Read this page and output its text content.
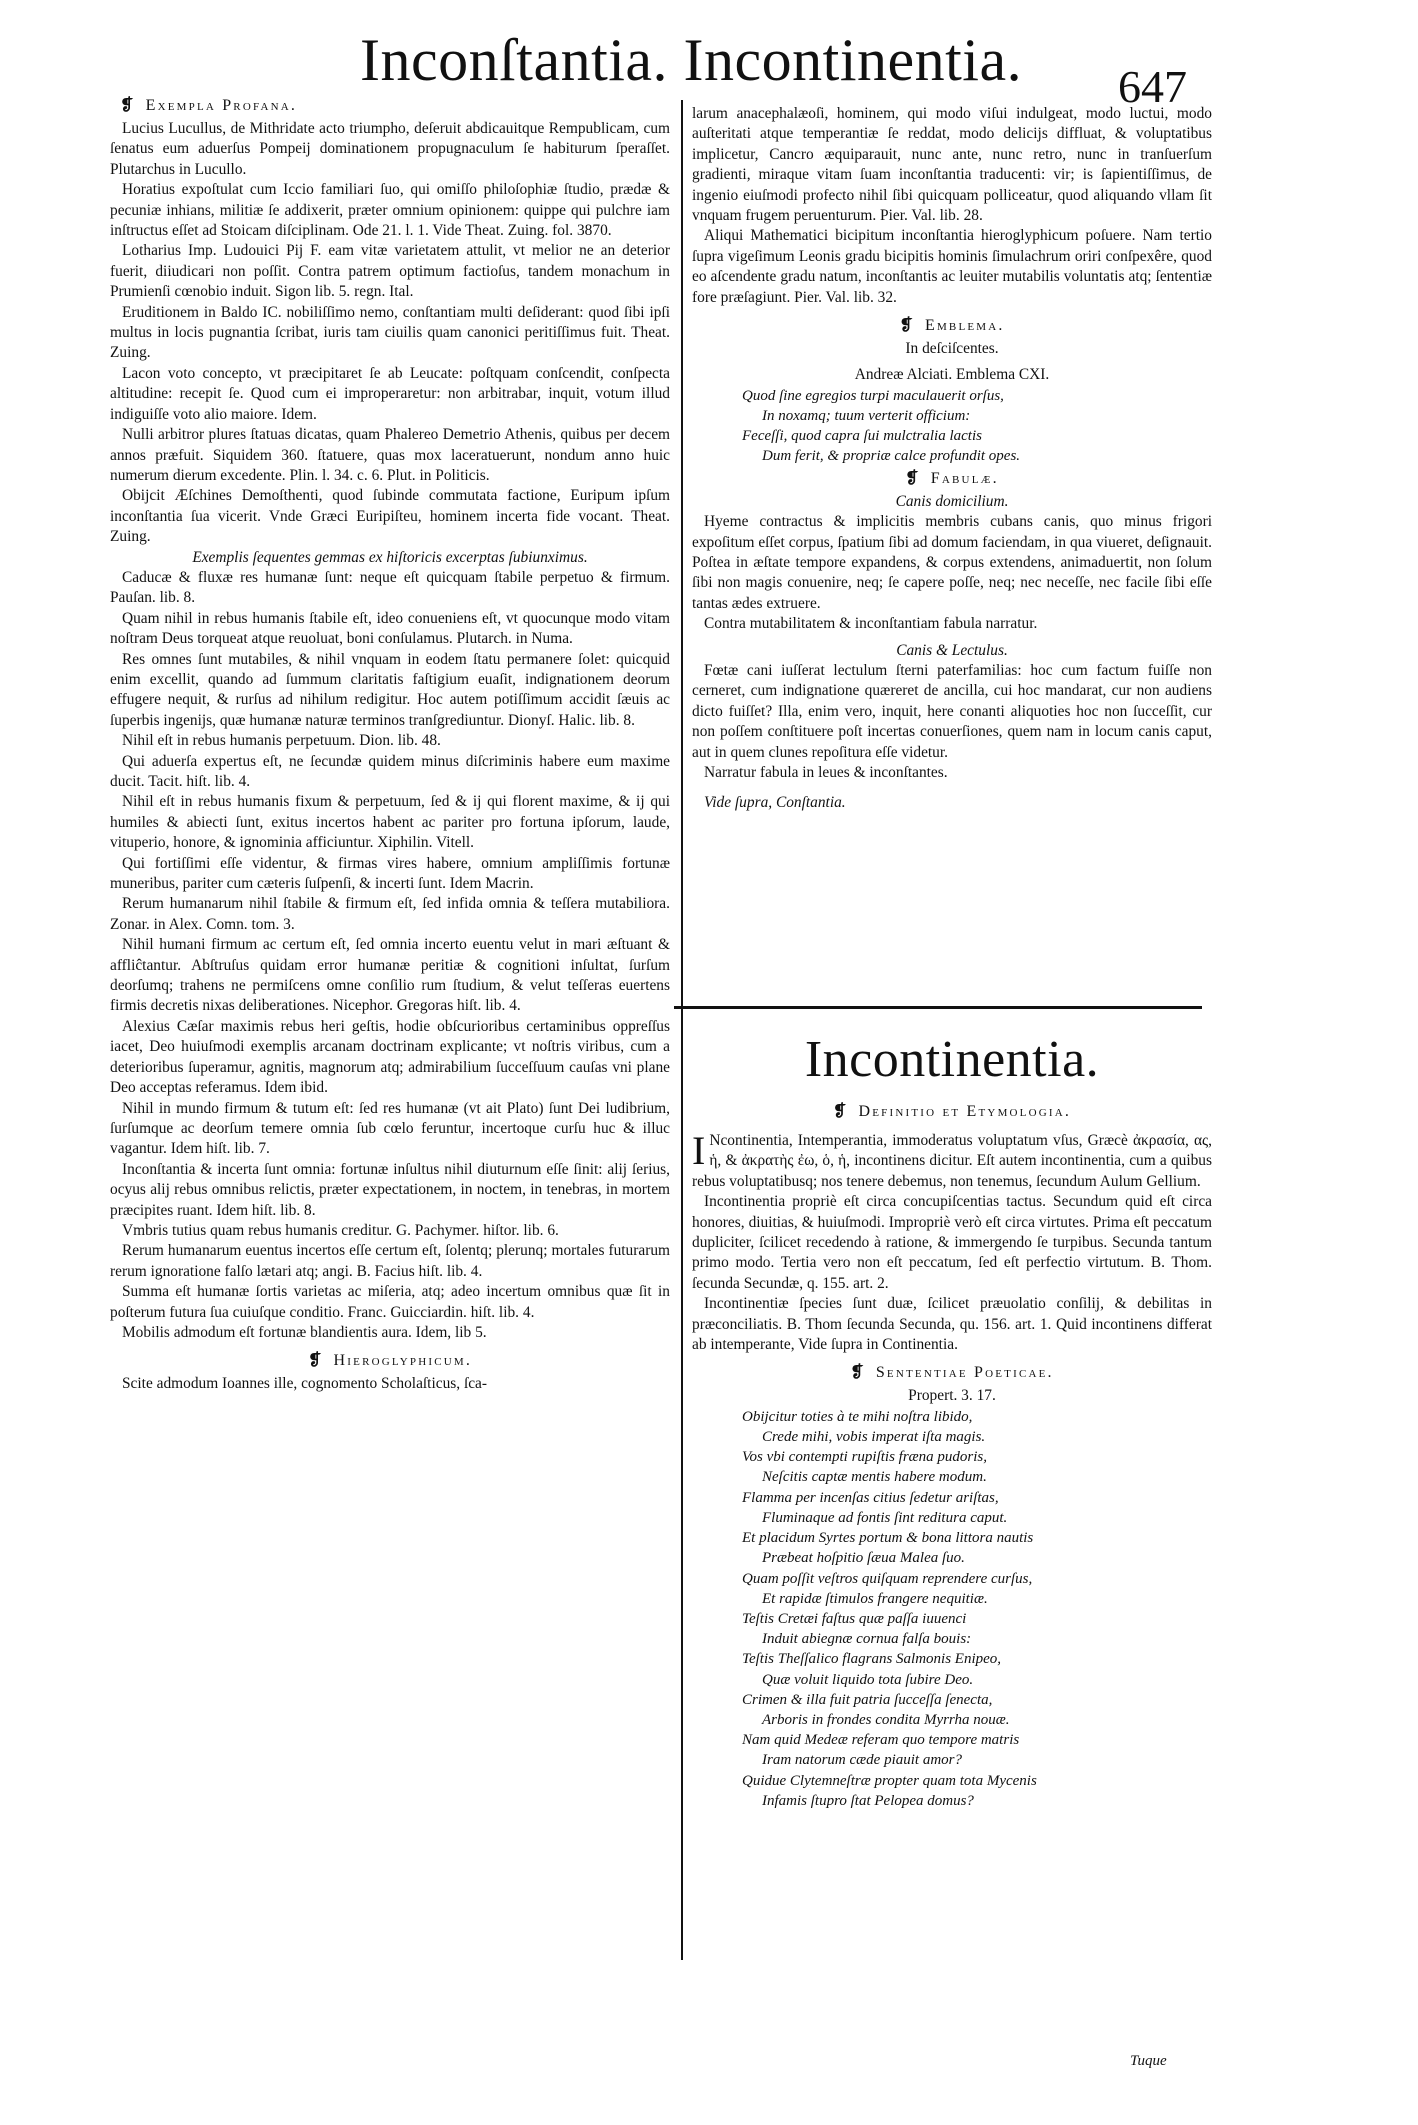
Inconſtantia. Incontinentia.	647
❡ Exempla Profana.

Lucius Lucullus, de Mithridate acto triumpho, deſeruit abdicauitque Rempublicam, cum ſenatus eum aduerſus Pompeij dominationem propugnaculum ſe habiturum ſperaſſet. Plutarchus in Lucullo.

Horatius expoſtulat cum Iccio familiari ſuo, qui omiſſo philoſophiæ ſtudio, prædæ & pecuniæ inhians, militiæ ſe addixerit, præter omnium opinionem: quippe qui pulchre iam inſtructus eſſet ad Stoicam diſciplinam. Ode 21. l. 1. Vide Theat. Zuing. fol. 3870.

Lotharius Imp. Ludouici Pij F. eam vitæ varietatem attulit, vt melior ne an deterior fuerit, diiudicari non poſſit. Contra patrem optimum factioſus, tandem monachum in Prumienſi cœnobio induit. Sigon lib. 5. regn. Ital.

Eruditionem in Baldo IC. nobiliſſimo nemo, conſtantiam multi deſiderant: quod ſibi ipſi multus in locis pugnantia ſcribat, iuris tam ciuilis quam canonici peritiſſimus fuit. Theat. Zuing.

Lacon voto concepto, vt præcipitaret ſe ab Leucate: poſtquam conſcendit, conſpecta altitudine: recepit ſe. Quod cum ei improperaretur: non arbitrabar, inquit, votum illud indiguiſſe voto alio maiore. Idem.

Nulli arbitror plures ſtatuas dicatas, quam Phalereo Demetrio Athenis, quibus per decem annos præfuit. Siquidem 360. ſtatuere, quas mox laceratuerunt, nondum anno huic numerum dierum excedente. Plin. l. 34. c. 6. Plut. in Politicis.

Obijcit Æſchines Demoſthenti, quod ſubinde commutata factione, Euripum ipſum inconſtantia ſua vicerit. Vnde Græci Euripiſteu, hominem incerta fide vocant. Theat. Zuing.

Exemplis ſequentes gemmas ex hiſtoricis excerptas ſubiunximus.

Caducæ & fluxæ res humanæ ſunt: neque eſt quicquam ſtabile perpetuo & firmum. Pauſan. lib. 8.

Quam nihil in rebus humanis ſtabile eſt, ideo conueniens eſt, vt quocunque modo vitam noſtram Deus torqueat atque reuoluat, boni conſulamus. Plutarch. in Numa.

Res omnes ſunt mutabiles, & nihil vnquam in eodem ſtatu permanere ſolet: quicquid enim excellit, quando ad ſummum claritatis faſtigium euaſit, indignationem deorum effugere nequit, & rurſus ad nihilum redigitur. Hoc autem potiſſimum accidit ſæuis ac ſuperbis ingenijs, quæ humanæ naturæ terminos tranſgrediuntur. Dionyſ. Halic. lib. 8.

Nihil eſt in rebus humanis perpetuum. Dion. lib. 48.

Qui aduerſa expertus eſt, ne ſecundæ quidem minus diſcriminis habere eum maxime ducit. Tacit. hiſt. lib. 4.

Nihil eſt in rebus humanis fixum & perpetuum, ſed & ij qui florent maxime, & ij qui humiles & abiecti ſunt, exitus incertos habent ac pariter pro fortuna ipſorum, laude, vituperio, honore, & ignominia afficiuntur. Xiphilin. Vitell.

Qui fortiſſimi eſſe videntur, & firmas vires habere, omnium ampliſſimis fortunæ muneribus, pariter cum cæteris ſuſpenſi, & incerti ſunt. Idem Macrin.

Rerum humanarum nihil ſtabile & firmum eſt, ſed infida omnia & teſſera mutabiliora. Zonar. in Alex. Comn. tom. 3.

Nihil humani firmum ac certum eſt, ſed omnia incerto euentu velut in mari æſtuant & affliĉtantur. Abſtruſus quidam error humanæ peritiæ & cognitioni inſultat, ſurſum deorſumq; trahens ne permiſcens omne conſilio rum ſtudium, & velut teſſeras euertens firmis decretis nixas deliberationes. Nicephor. Gregoras hiſt. lib. 4.

Alexius Cæſar maximis rebus heri geſtis, hodie obſcurioribus certaminibus oppreſſus iacet, Deo huiuſmodi exemplis arcanam doctrinam explicante; vt noſtris viribus, cum a deterioribus ſuperamur, agnitis, magnorum atq; admirabilium ſucceſſuum cauſas vni plane Deo acceptas referamus. Idem ibid.

Nihil in mundo firmum & tutum eſt: ſed res humanæ (vt ait Plato) ſunt Dei ludibrium, ſurſumque ac deorſum temere omnia ſub cœlo feruntur, incertoque curſu huc & illuc vagantur. Idem hiſt. lib. 7.

Inconſtantia & incerta ſunt omnia: fortunæ inſultus nihil diuturnum eſſe ſinit: alij ſerius, ocyus alij rebus omnibus relictis, præter expectationem, in noctem, in tenebras, in mortem præcipites ruant. Idem hiſt. lib. 8.

Vmbris tutius quam rebus humanis creditur. G. Pachymer. hiſtor. lib. 6.

Rerum humanarum euentus incertos eſſe certum eſt, ſolentq; plerunq; mortales futurarum rerum ignoratione falſo lætari atq; angi. B. Facius hiſt. lib. 4.

Summa eſt humanæ ſortis varietas ac miſeria, atq; adeo incertum omnibus quæ ſit in poſterum futura ſua cuiuſque conditio. Franc. Guicciardin. hiſt. lib. 4.

Mobilis admodum eſt fortunæ blandientis aura. Idem, lib 5.

❡ Hieroglyphicum.

Scite admodum Ioannes ille, cognomento Scholaſticus, ſca-

larum anacephalæoſi, hominem, qui modo viſui indulgeat, modo luctui, modo auſteritati atque temperantiæ ſe reddat, modo delicijs diffluat, & voluptatibus implicetur, Cancro æquiparauit, nunc ante, nunc retro, nunc in tranſuerſum gradienti, miraque vitam ſuam inconſtantia traducenti: vir; is ſapientiſſimus, de ingenio eiuſmodi profecto nihil ſibi quicquam polliceatur, quod aliquando vllam ſit vnquam frugem peruenturum. Pier. Val. lib. 28.

Aliqui Mathematici bicipitum inconſtantia hieroglyphicum poſuere. Nam tertio ſupra vigeſimum Leonis gradu bicipitis hominis ſimulachrum oriri conſpexêre, quod eo aſcendente gradu natum, inconſtantis ac leuiter mutabilis voluntatis atq; ſententiæ fore præſagiunt. Pier. Val. lib. 32.

❡ Emblema.

In deſciſcentes.

Andreæ Alciati. Emblema CXI.

Quod ſine egregios turpi maculauerit orſus,

In noxamq; tuum verterit officium:

Feceſſi, quod capra ſui mulctralia lactis

Dum ferit, & propriæ calce profundit opes.

❡ Fabulæ.

Canis domicilium.

Hyeme contractus & implicitis membris cubans canis, quo minus frigori expoſitum eſſet corpus, ſpatium ſibi ad domum faciendam, in qua viueret, deſignauit. Poſtea in æſtate tempore expandens, & corpus extendens, animaduertit, non ſolum ſibi non magis conuenire, neq; ſe capere poſſe, neq; nec neceſſe, nec facile ſibi eſſe tantas ædes extruere.

Contra mutabilitatem & inconſtantiam fabula narratur.

Canis & Lectulus.

Fœtæ cani iuſſerat lectulum ſterni paterfamilias: hoc cum factum fuiſſe non cerneret, cum indignatione quæreret de ancilla, cui hoc mandarat, cur non audiens dicto fuiſſet? Illa, enim vero, inquit, here conanti aliquoties hoc non ſucceſſit, cur non poſſem conſtituere poſt incertas conuerſiones, quem nam in locum canis caput, aut in quem clunes repoſitura eſſe videtur.

Narratur fabula in leues & inconſtantes.

Vide ſupra, Conſtantia.

Incontinentia.
❡ Definitio et Etymologia.

I Ncontinentia, Intemperantia, immoderatus voluptatum vſus, Græcè ἀκρασία, ας, ἡ, & ἀκρατὴς ἐω, ὁ, ἡ, incontinens dicitur. Eſt autem incontinentia, cum a quibus rebus voluptatibusq; nos tenere debemus, non tenemus, ſecundum Aulum Gellium.

Incontinentia propriè eſt circa concupiſcentias tactus. Secundum quid eſt circa honores, diuitias, & huiuſmodi. Impropriè verò eſt circa virtutes. Prima eſt peccatum dupliciter, ſcilicet recedendo à ratione, & immergendo ſe turpibus. Secunda tantum primo modo. Tertia vero non eſt peccatum, ſed eſt perfectio virtutum. B. Thom. ſecunda Secundæ, q. 155. art. 2.

Incontinentiæ ſpecies ſunt duæ, ſcilicet præuolatio conſilij, & debilitas in præconciliatis. B. Thom ſecunda Secunda, qu. 156. art. 1. Quid incontinens differat ab intemperante, Vide ſupra in Continentia.

❡ Sententiae Poeticae.

Propert. 3. 17.

Obijcitur toties à te mihi noſtra libido,

Crede mihi, vobis imperat iſta magis.

Vos vbi contempti rupiſtis fræna pudoris,

Neſcitis captæ mentis habere modum.

Flamma per incenſas citius ſedetur ariſtas,

Fluminaque ad fontis ſint reditura caput.

Et placidum Syrtes portum & bona littora nautis

Præbeat hoſpitio ſæua Malea ſuo.

Quam poſſit veſtros quiſquam reprendere curſus,

Et rapidæ ſtimulos frangere nequitiæ.

Teſtis Cretæi faſtus quæ paſſa iuuenci

Induit abiegnæ cornua falſa bouis:

Teſtis Theſſalico flagrans Salmonis Enipeo,

Quæ voluit liquido tota ſubire Deo.

Crimen & illa fuit patria ſucceſſa ſenecta,

Arboris in frondes condita Myrrha nouæ.

Nam quid Medeæ referam quo tempore matris

Iram natorum cæde piauit amor?

Quidue Clytemneſtræ propter quam tota Mycenis

Infamis ſtupro ſtat Pelopea domus?

Tuque
